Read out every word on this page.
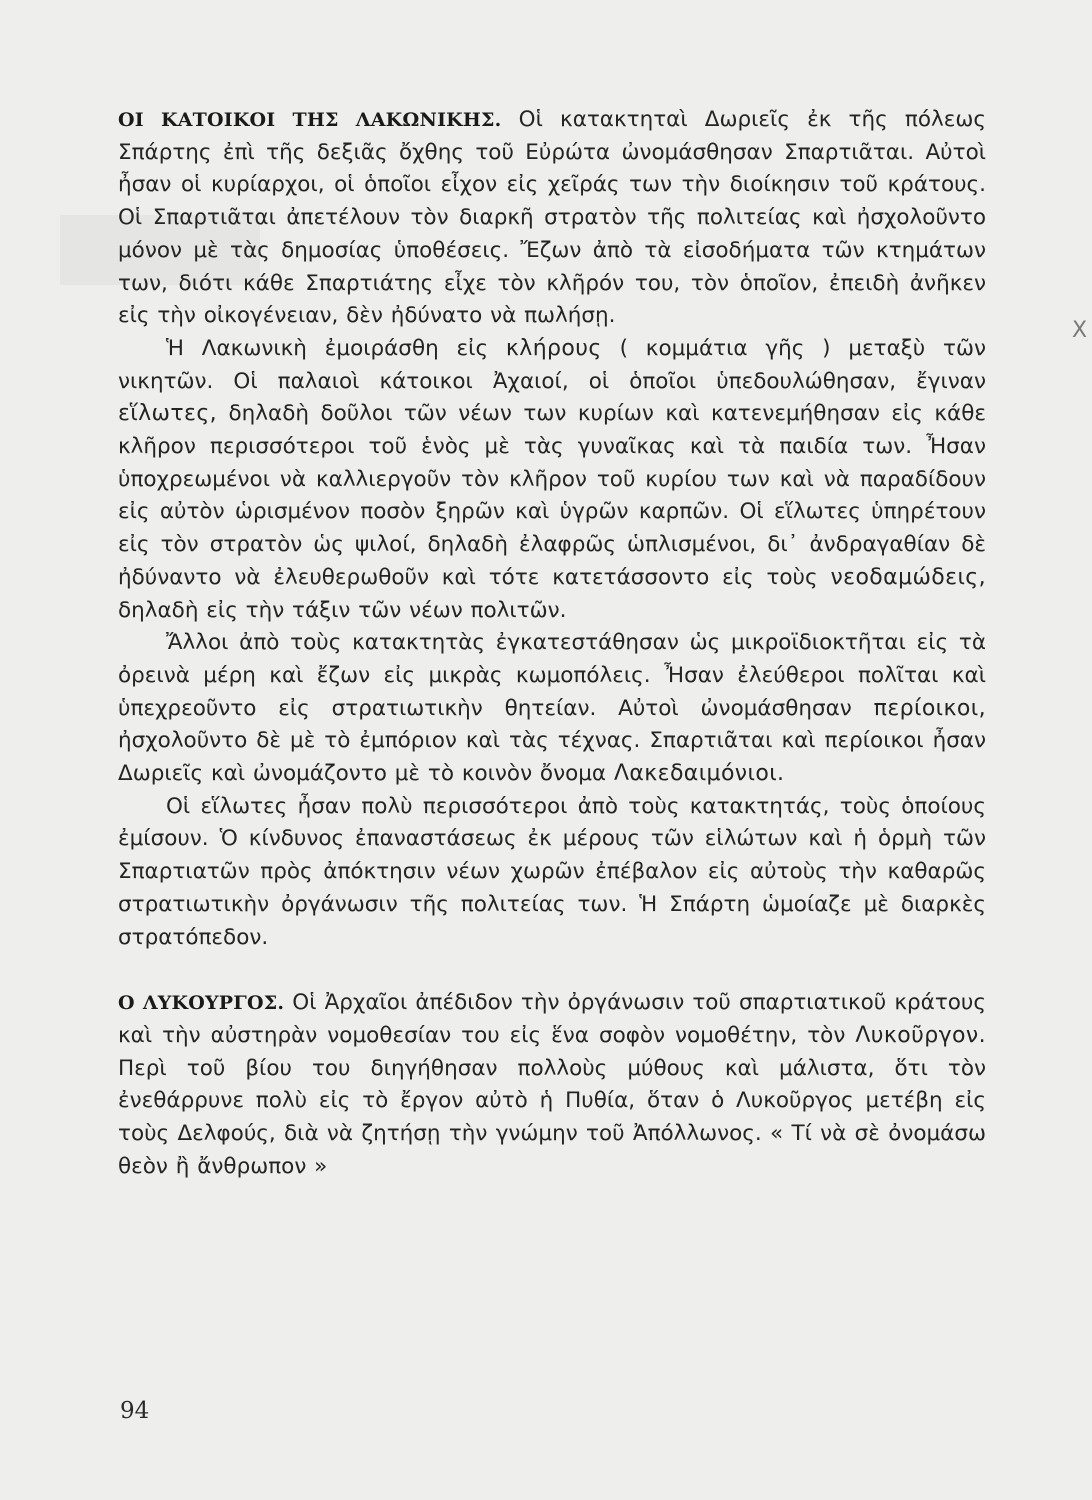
ΟΙ ΚΑΤΟΙΚΟΙ ΤΗΣ ΛΑΚΩΝΙΚΗΣ. Οἱ κατακτηταὶ Δωριεῖς ἐκ τῆς πόλεως Σπάρτης ἐπὶ τῆς δεξιᾶς ὄχθης τοῦ Εὐρώτα ὠνομάσθησαν Σπαρτιᾶται. Αὐτοὶ ἦσαν οἱ κυρίαρχοι, οἱ ὁποῖοι εἶχον εἰς χεῖράς των τὴν διοίκησιν τοῦ κράτους. Οἱ Σπαρτιᾶται ἀπετέλουν τὸν διαρκῆ στρατὸν τῆς πολιτείας καὶ ἠσχολοῦντο μόνον μὲ τὰς δημοσίας ὑποθέσεις. Ἔζων ἀπὸ τὰ εἰσοδήματα τῶν κτημάτων των, διότι κάθε Σπαρτιάτης εἶχε τὸν κλῆρόν του, τὸν ὁποῖον, ἐπειδὴ ἀνῆκεν εἰς τὴν οἰκογένειαν, δὲν ἠδύνατο νὰ πωλήσῃ.

Ἡ Λακωνικὴ ἐμοιράσθη εἰς κλήρους ( κομμάτια γῆς ) μεταξὺ τῶν νικητῶν. Οἱ παλαιοὶ κάτοικοι Ἀχαιοί, οἱ ὁποῖοι ὑπεδουλώθησαν, ἔγιναν εἵλωτες, δηλαδὴ δοῦλοι τῶν νέων των κυρίων καὶ κατενεμήθησαν εἰς κάθε κλῆρον περισσότεροι τοῦ ἑνὸς μὲ τὰς γυναῖκας καὶ τὰ παιδία των. Ἦσαν ὑποχρεωμένοι νὰ καλλιεργοῦν τὸν κλῆρον τοῦ κυρίου των καὶ νὰ παραδίδουν εἰς αὐτὸν ὡρισμένον ποσὸν ξηρῶν καὶ ὑγρῶν καρπῶν. Οἱ εἵλωτες ὑπηρέτουν εἰς τὸν στρατὸν ὡς ψιλοί, δηλαδὴ ἐλαφρῶς ὡπλισμένοι, δι᾿ ἀνδραγαθίαν δὲ ἠδύναντο νὰ ἐλευθερωθοῦν καὶ τότε κατετάσσοντο εἰς τοὺς νεοδαμώδεις, δηλαδὴ εἰς τὴν τάξιν τῶν νέων πολιτῶν.

Ἄλλοι ἀπὸ τοὺς κατακτητὰς ἐγκατεστάθησαν ὡς μικροϊδιοκτῆται εἰς τὰ ὀρεινὰ μέρη καὶ ἔζων εἰς μικρὰς κωμοπόλεις. Ἦσαν ἐλεύθεροι πολῖται καὶ ὑπεχρεοῦντο εἰς στρατιωτικὴν θητείαν. Αὐτοὶ ὠνομάσθησαν περίοικοι, ἠσχολοῦντο δὲ μὲ τὸ ἐμπόριον καὶ τὰς τέχνας. Σπαρτιᾶται καὶ περίοικοι ἦσαν Δωριεῖς καὶ ὠνομάζοντο μὲ τὸ κοινὸν ὄνομα Λακεδαιμόνιοι.

Οἱ εἵλωτες ἦσαν πολὺ περισσότεροι ἀπὸ τοὺς κατακτητάς, τοὺς ὁποίους ἐμίσουν. Ὁ κίνδυνος ἐπαναστάσεως ἐκ μέρους τῶν εἱλώτων καὶ ἡ ὁρμὴ τῶν Σπαρτιατῶν πρὸς ἀπόκτησιν νέων χωρῶν ἐπέβαλον εἰς αὐτοὺς τὴν καθαρῶς στρατιωτικὴν ὀργάνωσιν τῆς πολιτείας των. Ἡ Σπάρτη ὡμοίαζε μὲ διαρκὲς στρατόπεδον.

Ο ΛΥΚΟΥΡΓΟΣ. Οἱ Ἀρχαῖοι ἀπέδιδον τὴν ὀργάνωσιν τοῦ σπαρτιατικοῦ κράτους καὶ τὴν αὐστηρὰν νομοθεσίαν του εἰς ἕνα σοφὸν νομοθέτην, τὸν Λυκοῦργον. Περὶ τοῦ βίου του διηγήθησαν πολλοὺς μύθους καὶ μάλιστα, ὅτι τὸν ἐνεθάρρυνε πολὺ εἰς τὸ ἔργον αὐτὸ ἡ Πυθία, ὅταν ὁ Λυκοῦργος μετέβη εἰς τοὺς Δελφούς, διὰ νὰ ζητήσῃ τὴν γνώμην τοῦ Ἀπόλλωνος. « Τί νὰ σὲ ὀνομάσω θεὸν ἢ ἄνθρωπον »

94
X
